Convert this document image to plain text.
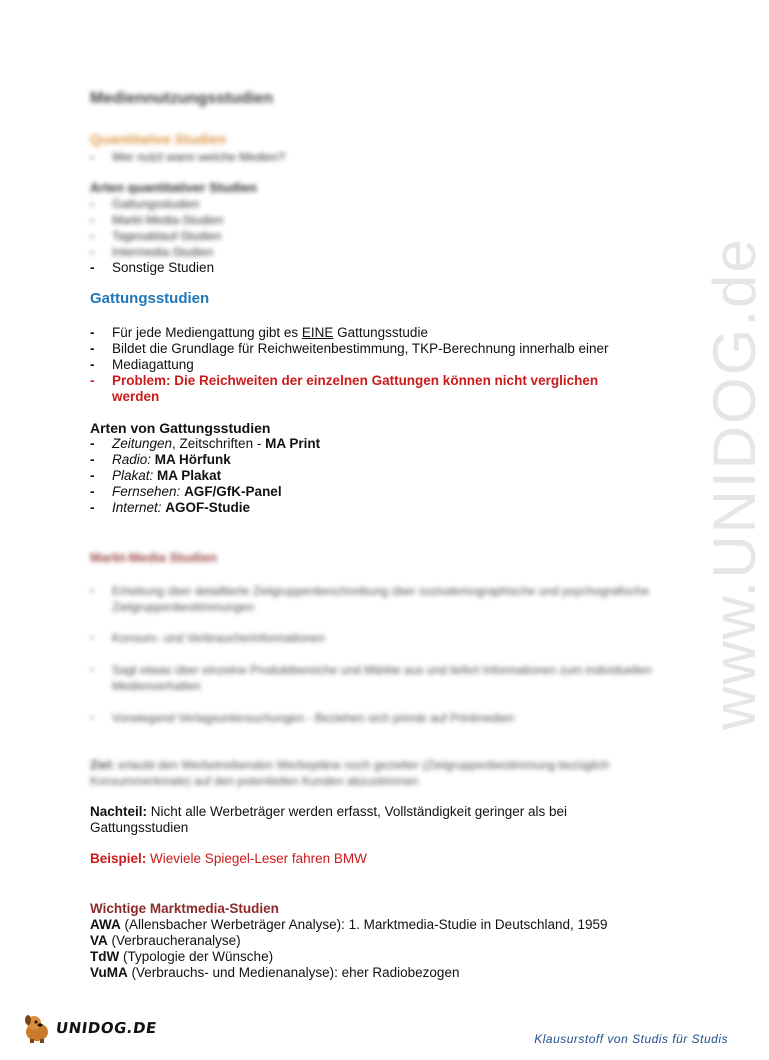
www.UNIDOG.de
Mediennutzungsstudien
Quantitative Studien
- Wer nutzt wann welche Medien?
Arten quantitativer Studien
- Gattungsstudien
- Markt-Media-Studien
- Tagesablauf-Studien
- Intermedia-Studien
- Sonstige Studien
Gattungsstudien
- Für jede Mediengattung gibt es EINE Gattungsstudie
- Bildet die Grundlage für Reichweitenbestimmung, TKP-Berechnung innerhalb einer
- Mediagattung
- Problem: Die Reichweiten der einzelnen Gattungen können nicht verglichen
werden
Arten von Gattungsstudien
- Zeitungen, Zeitschriften - MA Print
- Radio: MA Hörfunk
- Plakat: MA Plakat
- Fernsehen: AGF/GfK-Panel
- Internet: AGOF-Studie
Markt-Media Studien
- Erhebung über detaillierte Zielgruppenbeschreibung über soziodemographische und psychografische Zielgruppenbestimmungen
- Konsum- und Verbraucherinformationen
- Sagt etwas über einzelne Produktbereiche und Märkte aus und liefert Informationen zum individuellen Medienverhalten
- Vorwiegend Verlagsuntersuchungen - Beziehen sich primär auf Printmedien
Ziel: erlaubt den Werbetreibenden Werbepläne noch gezielter (Zielgruppenbestimmung bezüglich Konsummerkmale) auf den potentiellen Kunden abzustimmen
Nachteil: Nicht alle Werbeträger werden erfasst, Vollständigkeit geringer als bei
Gattungsstudien
Beispiel: Wieviele Spiegel-Leser fahren BMW
Wichtige Marktmedia-Studien
AWA (Allensbacher Werbeträger Analyse): 1. Marktmedia-Studie in Deutschland, 1959
VA (Verbraucheranalyse)
TdW (Typologie der Wünsche)
VuMA (Verbrauchs- und Medienanalyse): eher Radiobezogen
UNIDOG.DE
Klausurstoff von Studis für Studis
